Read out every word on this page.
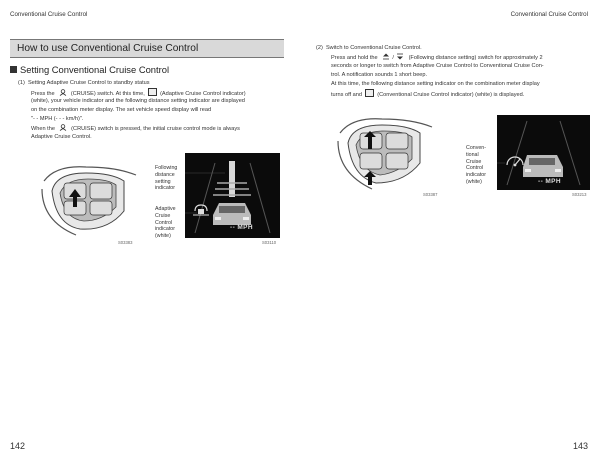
Conventional Cruise Control	Conventional Cruise Control
How to use Conventional Cruise Control
Setting Conventional Cruise Control
(1) Setting Adaptive Cruise Control to standby status
Press the	(CRUISE) switch. At this time,	(Adaptive Cruise Control indicator)
(white), your vehicle indicator and the following distance setting indicator are displayed
on the combination meter display. The set vehicle speed display will read
"- - MPH (- - - km/h)".
When the	(CRUISE) switch is pressed, the initial cruise control mode is always
Adaptive Cruise Control.
S03383
Following
distance
setting
indicator
Adaptive
Cruise
Control
indicator
(white)
-- MPH
S03110
142
(2) Switch to Conventional Cruise Control.
Press and hold the	/	(Following distance setting) switch for approximately 2
seconds or longer to switch from Adaptive Cruise Control to Conventional Cruise Con-
trol. A notification sounds 1 short beep.
At this time, the following distance setting indicator on the combination meter display
turns off and	(Conventional Cruise Control indicator) (white) is displayed.
S03387
Conven-
tional
Cruise
Control
indicator
(white)	-- MPH
S03213
143
